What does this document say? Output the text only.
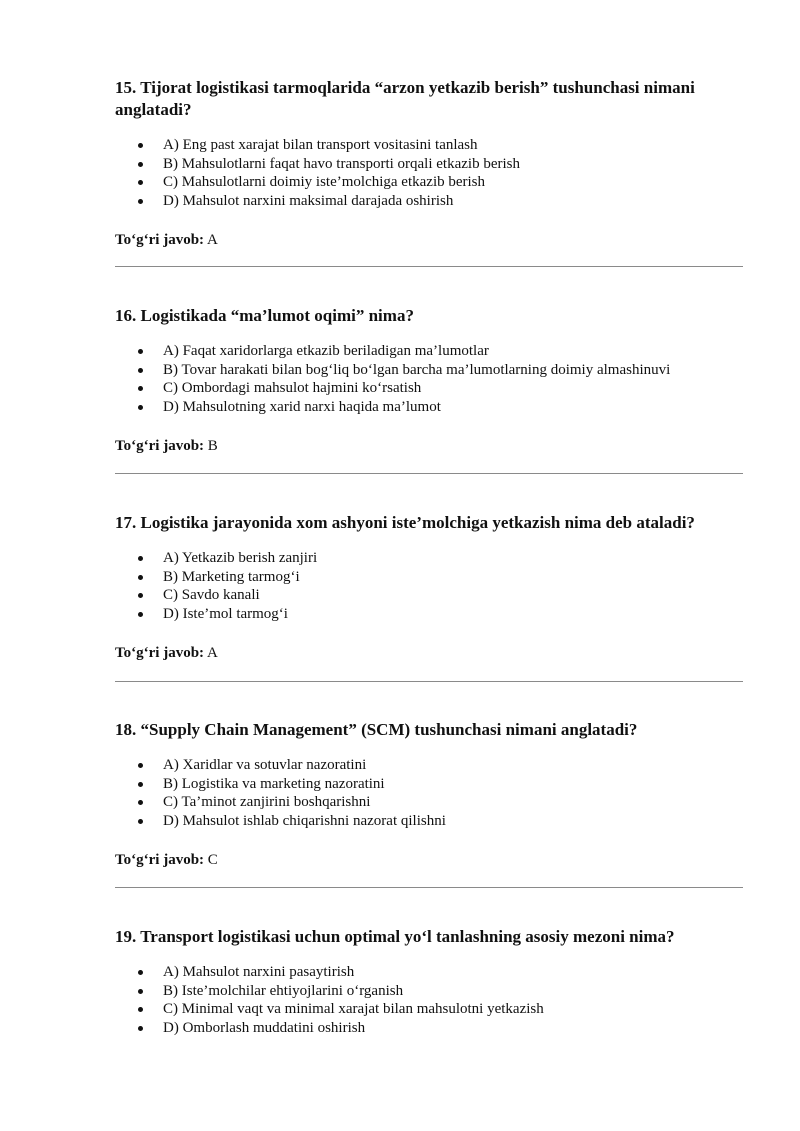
15. Tijorat logistikasi tarmoqlarida “arzon yetkazib berish” tushunchasi nimani anglatadi?
A) Eng past xarajat bilan transport vositasini tanlash
B) Mahsulotlarni faqat havo transporti orqali etkazib berish
C) Mahsulotlarni doimiy iste’molchiga etkazib berish
D) Mahsulot narxini maksimal darajada oshirish
To‘g‘ri javob: A
16. Logistikada “ma’lumot oqimi” nima?
A) Faqat xaridorlarga etkazib beriladigan ma’lumotlar
B) Tovar harakati bilan bog‘liq bo‘lgan barcha ma’lumotlarning doimiy almashinuvi
C) Ombordagi mahsulot hajmini ko‘rsatish
D) Mahsulotning xarid narxi haqida ma’lumot
To‘g‘ri javob: B
17. Logistika jarayonida xom ashyoni iste’molchiga yetkazish nima deb ataladi?
A) Yetkazib berish zanjiri
B) Marketing tarmog‘i
C) Savdo kanali
D) Iste’mol tarmog‘i
To‘g‘ri javob: A
18. “Supply Chain Management” (SCM) tushunchasi nimani anglatadi?
A) Xaridlar va sotuvlar nazoratini
B) Logistika va marketing nazoratini
C) Ta’minot zanjirini boshqarishni
D) Mahsulot ishlab chiqarishni nazorat qilishni
To‘g‘ri javob: C
19. Transport logistikasi uchun optimal yo‘l tanlashning asosiy mezoni nima?
A) Mahsulot narxini pasaytirish
B) Iste’molchilar ehtiyojlarini o‘rganish
C) Minimal vaqt va minimal xarajat bilan mahsulotni yetkazish
D) Omborlash muddatini oshirish
